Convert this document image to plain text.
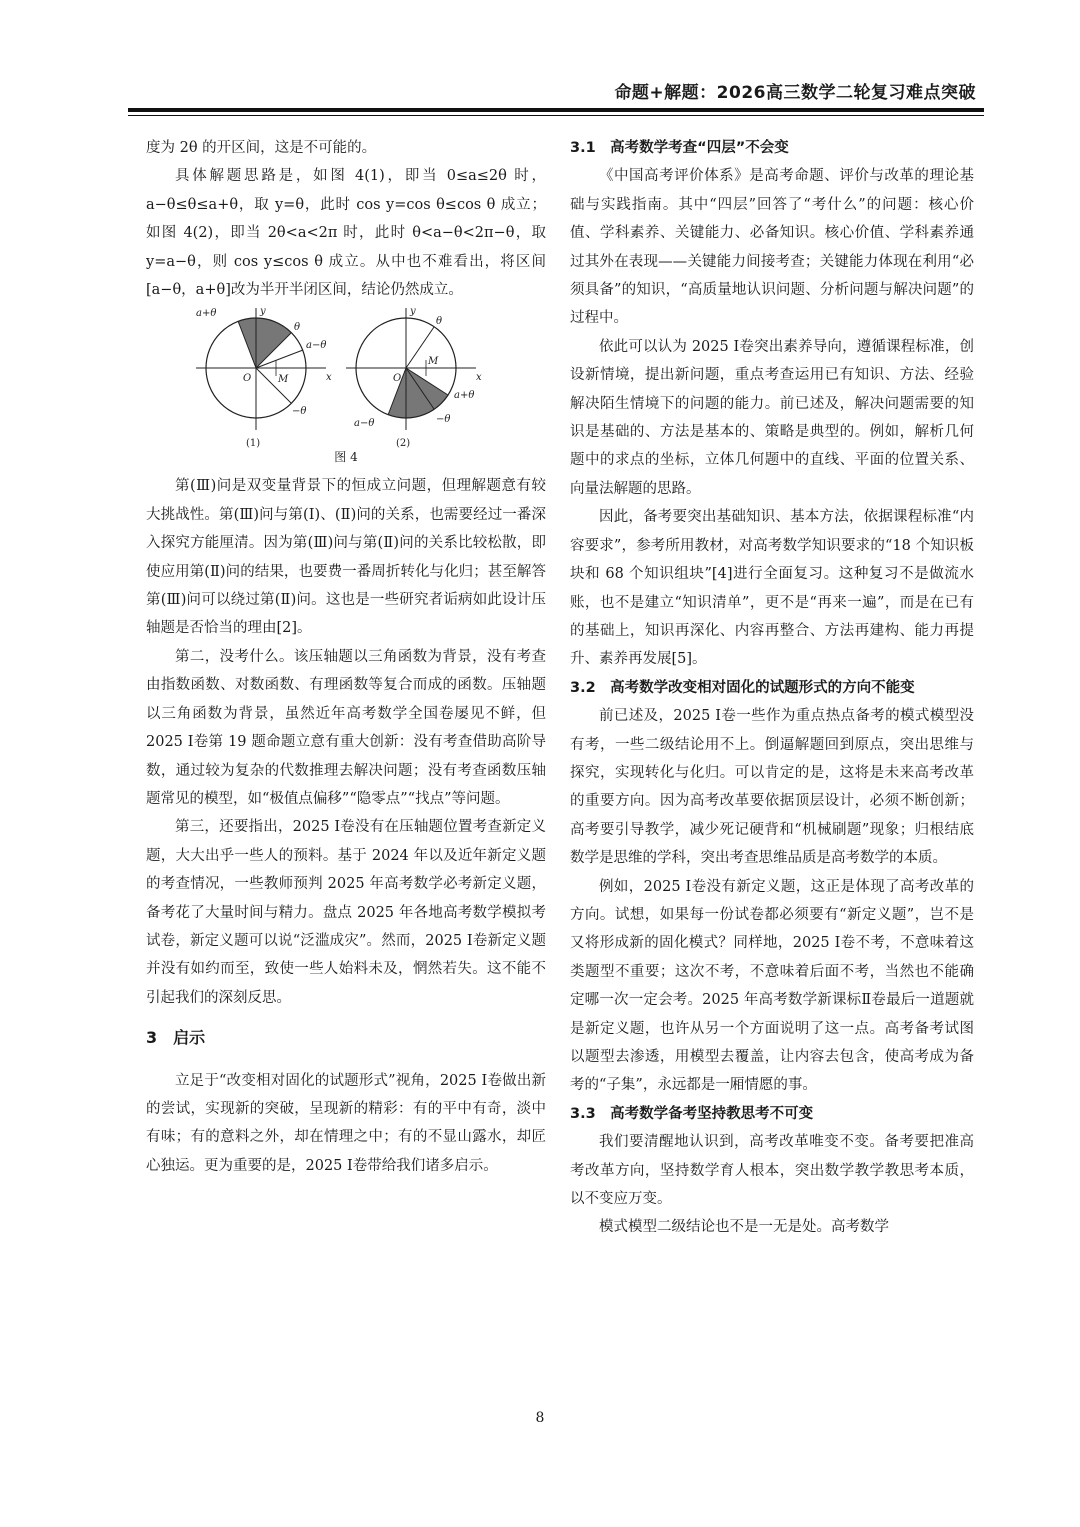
命题+解题：2026高三数学二轮复习难点突破

度为 2θ 的开区间，这是不可能的。

具体解题思路是，如图 4(1)，即当 0≤a≤2θ 时，a−θ≤θ≤a+θ，取 y=θ，此时 cos y=cos θ≤cos θ 成立；如图 4(2)，即当 2θ<a<2π 时，此时 θ<a−θ<2π−θ，取 y=a−θ，则 cos y≤cos θ 成立。从中也不难看出，将区间[a−θ，a+θ]改为半开半闭区间，结论仍然成立。

y
x
O	M
a+θ
θ
a−θ
−θ
(1)
y
x
O
M
θ
a+θ
a−θ	−θ
(2)
图 4

第(Ⅲ)问是双变量背景下的恒成立问题，但理解题意有较大挑战性。第(Ⅲ)问与第(Ⅰ)、(Ⅱ)问的关系，也需要经过一番深入探究方能厘清。因为第(Ⅲ)问与第(Ⅱ)问的关系比较松散，即使应用第(Ⅱ)问的结果，也要费一番周折转化与化归；甚至解答第(Ⅲ)问可以绕过第(Ⅱ)问。这也是一些研究者诟病如此设计压轴题是否恰当的理由[2]。

第二，没考什么。该压轴题以三角函数为背景，没有考查由指数函数、对数函数、有理函数等复合而成的函数。压轴题以三角函数为背景，虽然近年高考数学全国卷屡见不鲜，但 2025 Ⅰ卷第 19 题命题立意有重大创新：没有考查借助高阶导数，通过较为复杂的代数推理去解决问题；没有考查函数压轴题常见的模型，如“极值点偏移”“隐零点”“找点”等问题。

第三，还要指出，2025 Ⅰ卷没有在压轴题位置考查新定义题，大大出乎一些人的预料。基于 2024 年以及近年新定义题的考查情况，一些教师预判 2025 年高考数学必考新定义题，备考花了大量时间与精力。盘点 2025 年各地高考数学模拟考试卷，新定义题可以说“泛滥成灾”。然而，2025 Ⅰ卷新定义题并没有如约而至，致使一些人始料未及，惘然若失。这不能不引起我们的深刻反思。

3　启示

立足于“改变相对固化的试题形式”视角，2025 Ⅰ卷做出新的尝试，实现新的突破，呈现新的精彩：有的平中有奇，淡中有味；有的意料之外，却在情理之中；有的不显山露水，却匠心独运。更为重要的是，2025 Ⅰ卷带给我们诸多启示。

3.1　高考数学考查“四层”不会变

《中国高考评价体系》是高考命题、评价与改革的理论基础与实践指南。其中“四层”回答了“考什么”的问题：核心价值、学科素养、关键能力、必备知识。核心价值、学科素养通过其外在表现——关键能力间接考查；关键能力体现在利用“必须具备”的知识，“高质量地认识问题、分析问题与解决问题”的过程中。

依此可以认为 2025 Ⅰ卷突出素养导向，遵循课程标准，创设新情境，提出新问题，重点考查运用已有知识、方法、经验解决陌生情境下的问题的能力。前已述及，解决问题需要的知识是基础的、方法是基本的、策略是典型的。例如，解析几何题中的求点的坐标，立体几何题中的直线、平面的位置关系、向量法解题的思路。

因此，备考要突出基础知识、基本方法，依据课程标准“内容要求”，参考所用教材，对高考数学知识要求的“18 个知识板块和 68 个知识组块”[4]进行全面复习。这种复习不是做流水账，也不是建立“知识清单”，更不是“再来一遍”，而是在已有的基础上，知识再深化、内容再整合、方法再建构、能力再提升、素养再发展[5]。

3.2　高考数学改变相对固化的试题形式的方向不能变

前已述及，2025 Ⅰ卷一些作为重点热点备考的模式模型没有考，一些二级结论用不上。倒逼解题回到原点，突出思维与探究，实现转化与化归。可以肯定的是，这将是未来高考改革的重要方向。因为高考改革要依据顶层设计，必须不断创新；高考要引导教学，减少死记硬背和“机械刷题”现象；归根结底数学是思维的学科，突出考查思维品质是高考数学的本质。

例如，2025 Ⅰ卷没有新定义题，这正是体现了高考改革的方向。试想，如果每一份试卷都必须要有“新定义题”，岂不是又将形成新的固化模式？同样地，2025 Ⅰ卷不考，不意味着这类题型不重要；这次不考，不意味着后面不考，当然也不能确定哪一次一定会考。2025 年高考数学新课标Ⅱ卷最后一道题就是新定义题，也许从另一个方面说明了这一点。高考备考试图以题型去渗透，用模型去覆盖，让内容去包含，使高考成为备考的“子集”，永远都是一厢情愿的事。

3.3　高考数学备考坚持教思考不可变

我们要清醒地认识到，高考改革唯变不变。备考要把准高考改革方向，坚持数学育人根本，突出数学教学教思考本质，以不变应万变。

模式模型二级结论也不是一无是处。高考数学

8
